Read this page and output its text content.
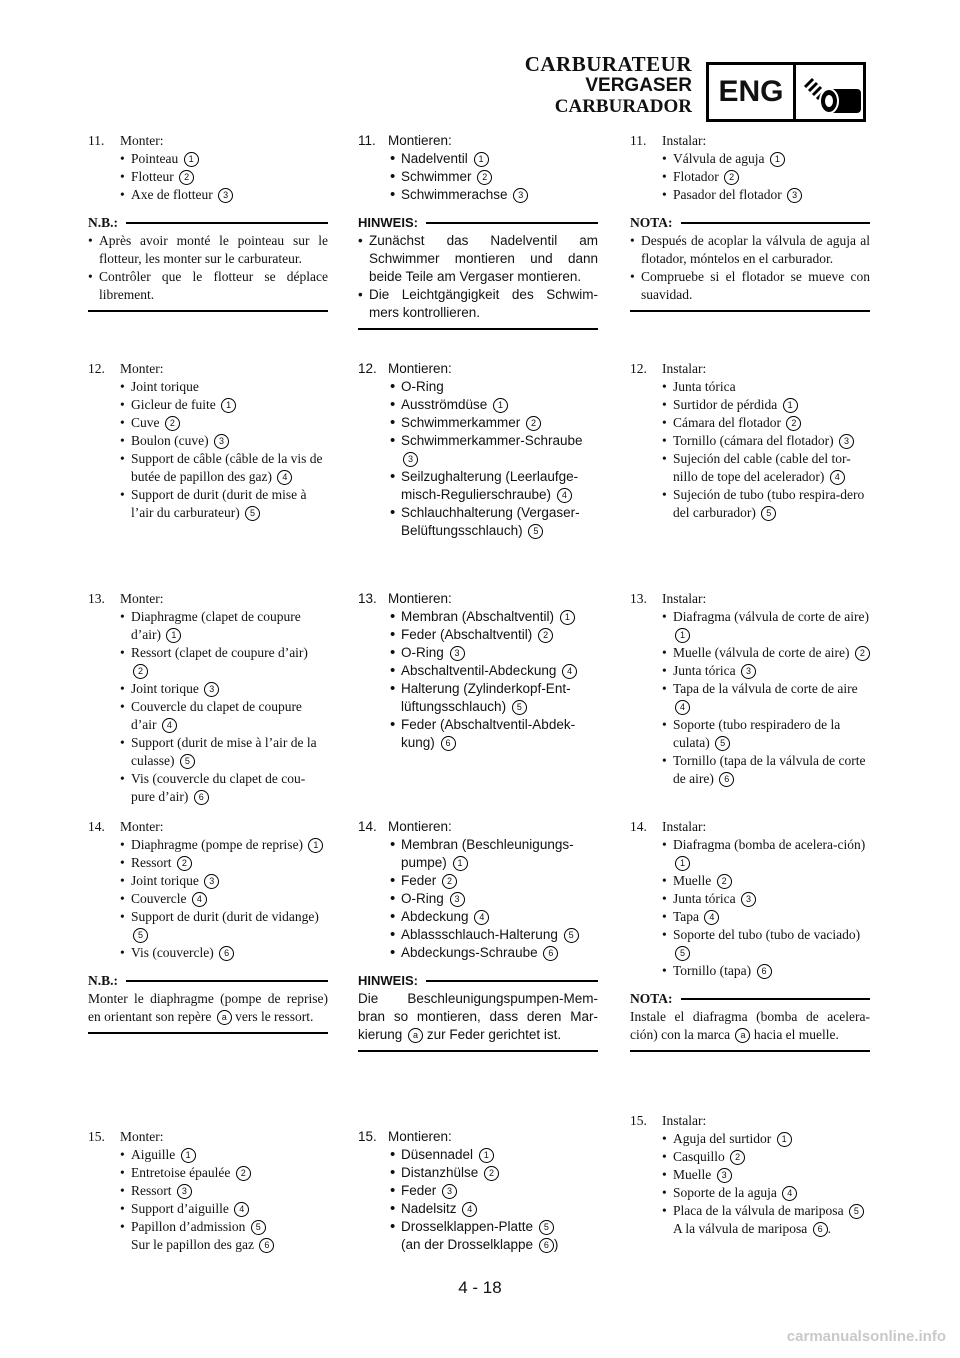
CARBURATEUR
VERGASER
CARBURADOR ENG
11.	Monter:
• Pointeau 1
• Flotteur 2
• Axe de flotteur 3
N.B.:
• Après avoir monté le pointeau sur le flotteur, les monter sur le carburateur.
• Contrôler que le flotteur se déplace librement.
12.	Monter:
• Joint torique
• Gicleur de fuite 1
• Cuve 2
• Boulon (cuve) 3
• Support de câble (câble de la vis de butée de papillon des gaz) 4
• Support de durit (durit de mise à l’air du carburateur) 5
13.	Monter:
• Diaphragme (clapet de coupure d’air) 1
• Ressort (clapet de coupure d’air) 2
• Joint torique 3
• Couvercle du clapet de coupure d’air 4
• Support (durit de mise à l’air de la culasse) 5
• Vis (couvercle du clapet de cou-pure d’air) 6
14.	Monter:
• Diaphragme (pompe de reprise) 1
• Ressort 2
• Joint torique 3
• Couvercle 4
• Support de durit (durit de vidange) 5
• Vis (couvercle) 6
N.B.:
Monter le diaphragme (pompe de reprise) en orientant son repère a vers le ressort.
15.	Monter:
• Aiguille 1
• Entretoise épaulée 2
• Ressort 3
• Support d’aiguille 4
• Papillon d’admission 5
Sur le papillon des gaz 6
11. Montieren:
• Nadelventil 1
• Schwimmer 2
• Schwimmerachse 3
HINWEIS:
• Zunächst das Nadelventil am Schwimmer montieren und dann beide Teile am Vergaser montieren.
• Die Leichtgängigkeit des Schwim-mers kontrollieren.
12. Montieren:
• O-Ring
• Ausströmdüse 1
• Schwimmerkammer 2
• Schwimmerkammer-Schraube 3
• Seilzughalterung (Leerlaufge-misch-Regulierschraube) 4
• Schlauchhalterung (Vergaser-Belüftungsschlauch) 5
13. Montieren:
• Membran (Abschaltventil) 1
• Feder (Abschaltventil) 2
• O-Ring 3
• Abschaltventil-Abdeckung 4
• Halterung (Zylinderkopf-Ent-lüftungsschlauch) 5
• Feder (Abschaltventil-Abdek-kung) 6
14. Montieren:
• Membran (Beschleunigungs-pumpe) 1
• Feder 2
• O-Ring 3
• Abdeckung 4
• Ablassschlauch-Halterung 5
• Abdeckungs-Schraube 6
HINWEIS:
Die Beschleunigungspumpen-Mem-bran so montieren, dass deren Mar-kierung a zur Feder gerichtet ist.
15. Montieren:
• Düsennadel 1
• Distanzhülse 2
• Feder 3
• Nadelsitz 4
• Drosselklappen-Platte 5
(an der Drosselklappe 6 )
11.	Instalar:
• Válvula de aguja 1
• Flotador 2
• Pasador del flotador 3
NOTA:
• Después de acoplar la válvula de aguja al flotador, móntelos en el carburador.
• Compruebe si el flotador se mueve con suavidad.
12.	Instalar:
• Junta tórica
• Surtidor de pérdida 1
• Cámara del flotador 2
• Tornillo (cámara del flotador) 3
• Sujeción del cable (cable del tor-nillo de tope del acelerador) 4
• Sujeción de tubo (tubo respira-dero del carburador) 5
13.	Instalar:
• Diafragma (válvula de corte de aire) 1
• Muelle (válvula de corte de aire) 2
• Junta tórica 3
• Tapa de la válvula de corte de aire 4
• Soporte (tubo respiradero de la culata) 5
• Tornillo (tapa de la válvula de corte de aire) 6
14.	Instalar:
• Diafragma (bomba de acelera-ción) 1
• Muelle 2
• Junta tórica 3
• Tapa 4
• Soporte del tubo (tubo de vaciado) 5
• Tornillo (tapa) 6
NOTA:
Instale el diafragma (bomba de acelera-ción) con la marca a hacia el muelle.
15.	Instalar:
• Aguja del surtidor 1
• Casquillo 2
• Muelle 3
• Soporte de la aguja 4
• Placa de la válvula de mariposa 5
A la válvula de mariposa 6 .
4 - 18
carmanualsonline.info
